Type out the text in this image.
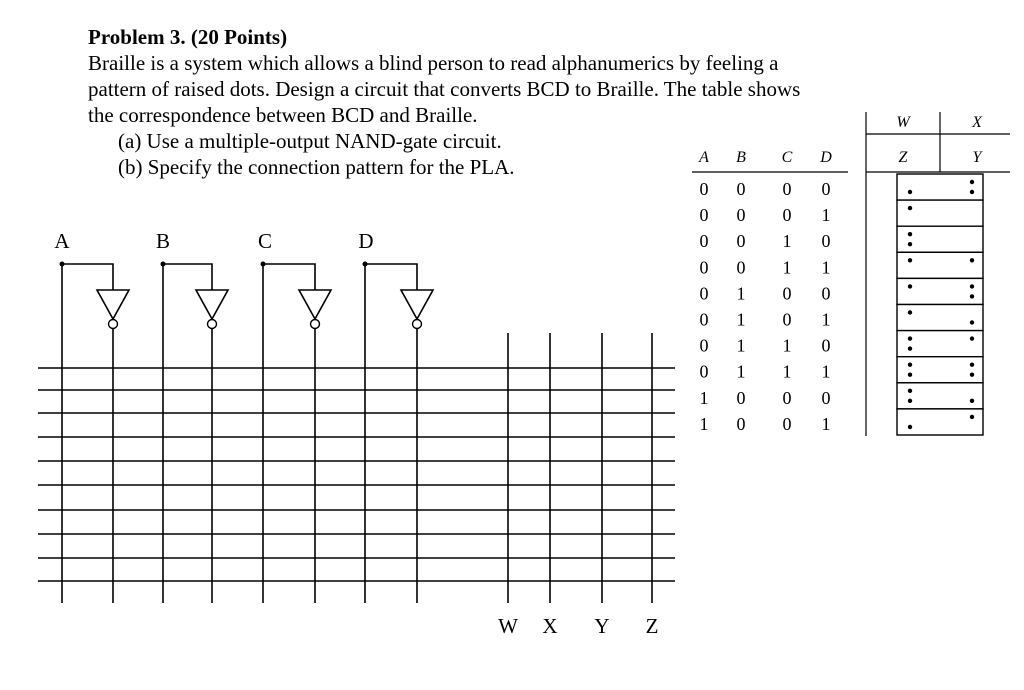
Problem 3. (20 Points)
Braille is a system which allows a blind person to read alphanumerics by feeling a
pattern of raised dots. Design a circuit that converts BCD to Braille. The table shows
the correspondence between BCD and Braille.
(a) Use a multiple-output NAND-gate circuit.
(b) Specify the connection pattern for the PLA.
A	B	C	D
W X Y Z
A B C D
0 0 0 0
0 0 0 1
0 0 1 0
0 0 1 1
0 1 0 0
0 1 0 1
0 1 1 0
0 1 1 1
1 0 0 0
1 0 0 1
W	X
Z	Y
